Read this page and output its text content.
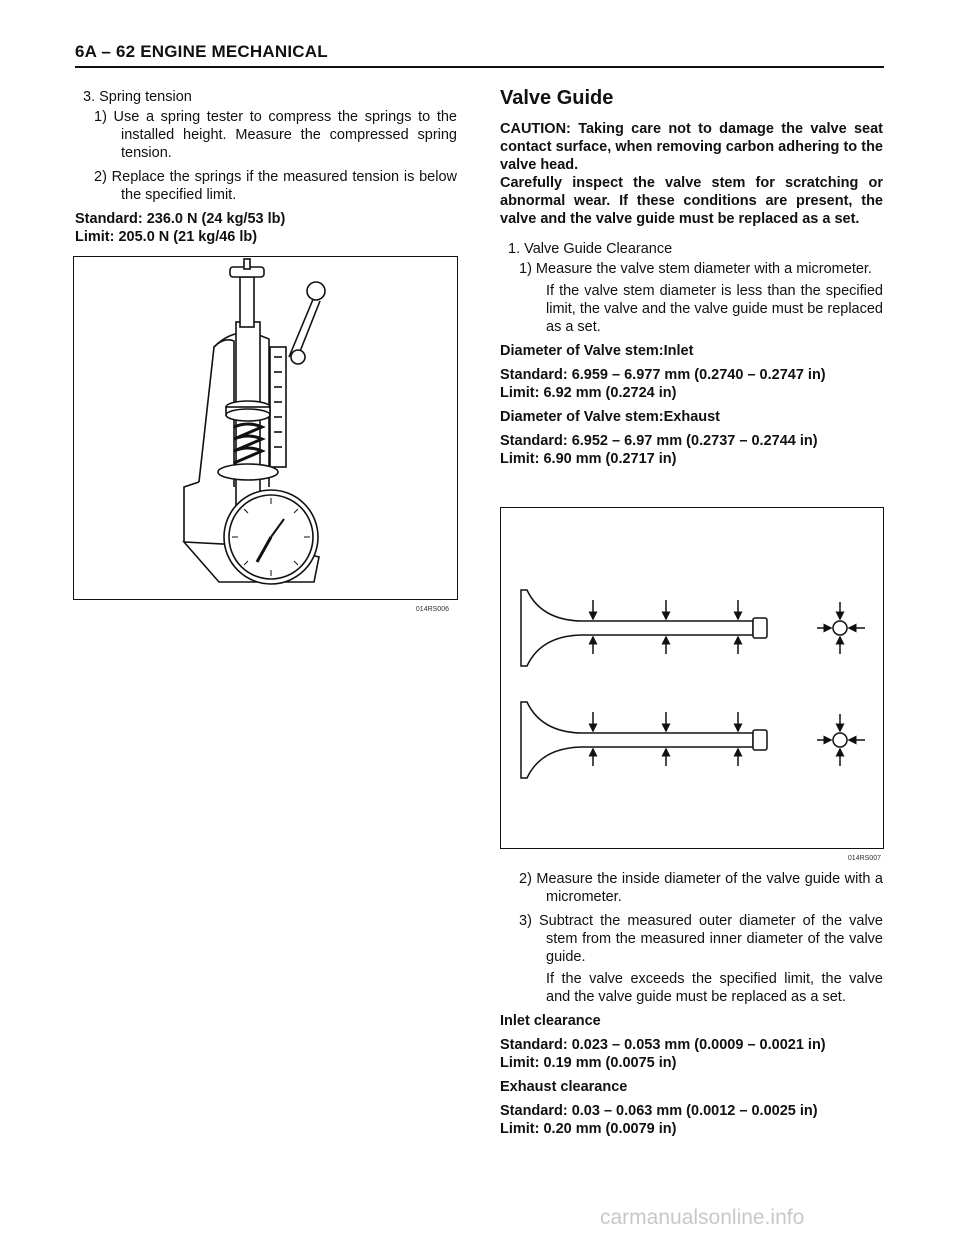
6A – 62 ENGINE MECHANICAL

3. Spring tension

1) Use a spring tester to compress the springs to the installed height. Measure the compressed spring tension.

2) Replace the springs if the measured tension is below the specified limit.

Standard: 236.0 N (24 kg/53 lb)

Limit: 205.0 N (21 kg/46 lb)

014RS006

Valve Guide

CAUTION: Taking care not to damage the valve seat contact surface, when removing carbon adhering to the valve head.

Carefully inspect the valve stem for scratching or abnormal wear. If these conditions are present, the valve and the valve guide must be replaced as a set.

1. Valve Guide Clearance

1) Measure the valve stem diameter with a micrometer.

If the valve stem diameter is less than the specified limit, the valve and the valve guide must be replaced as a set.

Diameter of Valve stem:Inlet

Standard: 6.959 – 6.977 mm (0.2740 – 0.2747 in)

Limit: 6.92 mm (0.2724 in)

Diameter of Valve stem:Exhaust

Standard: 6.952 – 6.97 mm (0.2737 – 0.2744 in)

Limit: 6.90 mm (0.2717 in)

014RS007

2) Measure the inside diameter of the valve guide with a micrometer.

3) Subtract the measured outer diameter of the valve stem from the measured inner diameter of the valve guide.

If the valve exceeds the specified limit, the valve and the valve guide must be replaced as a set.

Inlet clearance

Standard: 0.023 – 0.053 mm (0.0009 – 0.0021 in)

Limit: 0.19 mm (0.0075 in)

Exhaust clearance

Standard: 0.03 – 0.063 mm (0.0012 – 0.0025 in)

Limit: 0.20 mm (0.0079 in)

carmanualsonline.info
